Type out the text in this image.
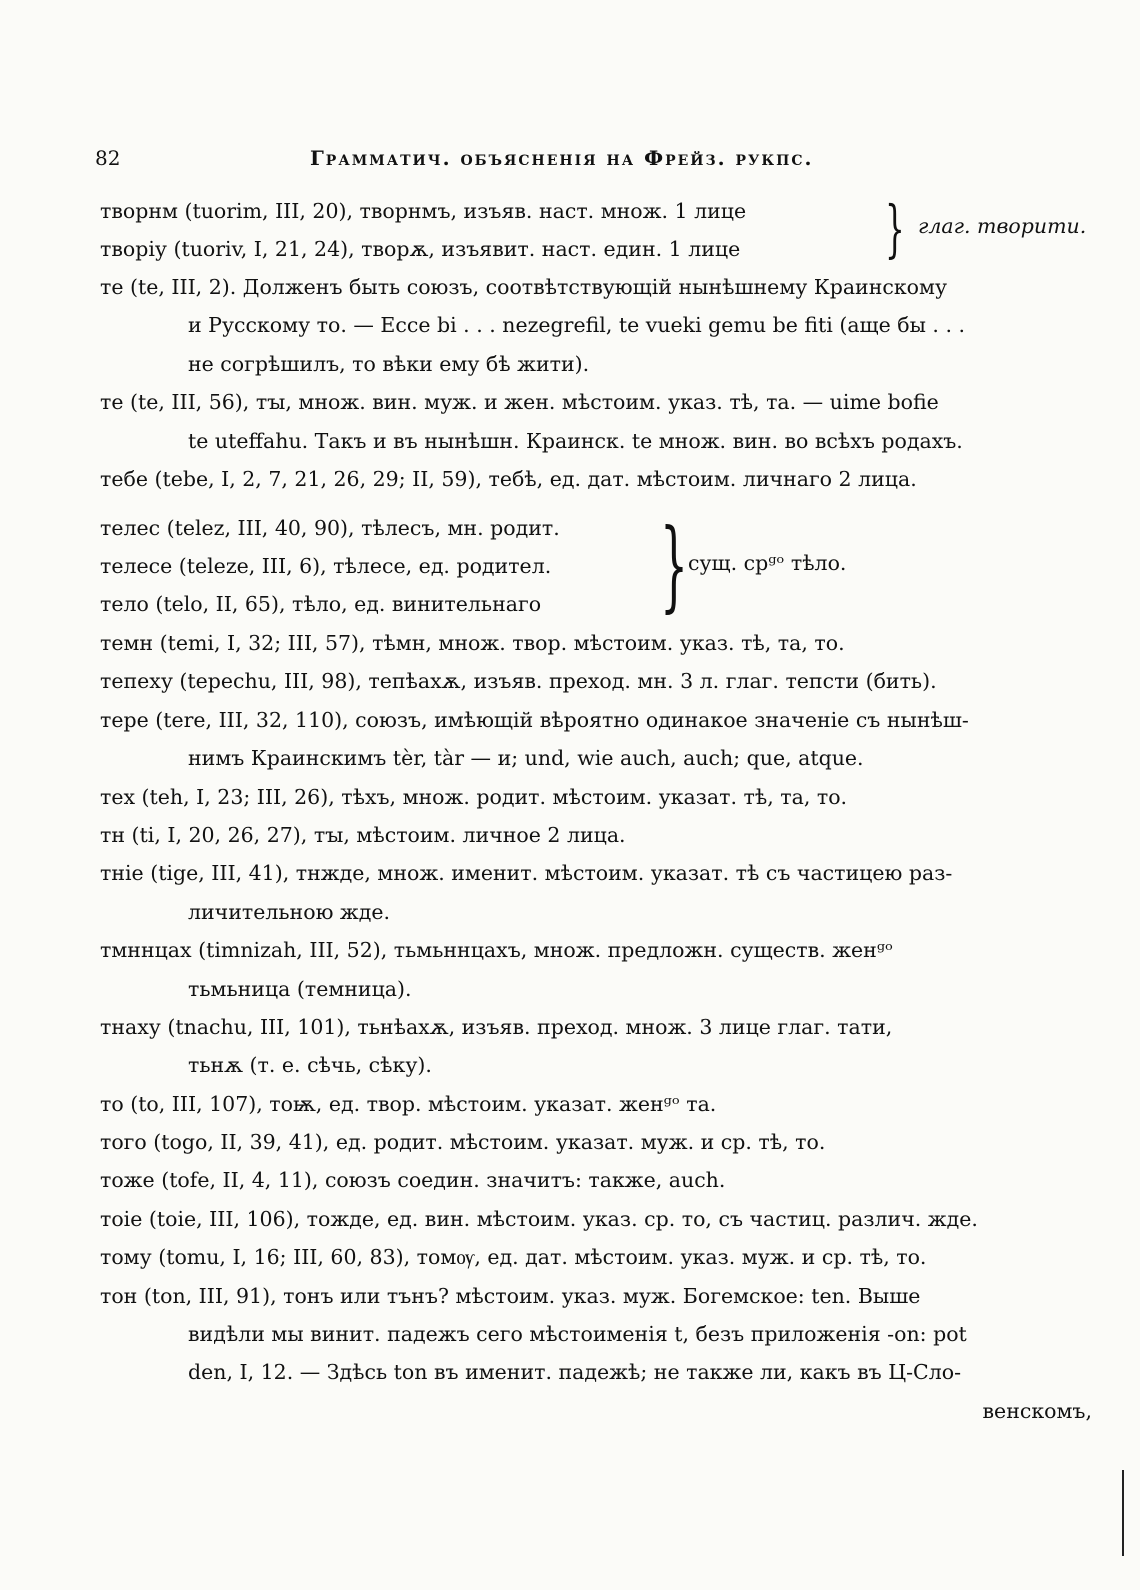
82	Грамматич. объясненія на Фрейз. рукпс.
творнм (tuorim, III, 20), творнмъ, изъяв. наст. множ. 1 лице
творіу (tuoriv, I, 21, 24), творѫ, изъявит. наст. един. 1 лице } глаг. творити.
те (te, III, 2). Долженъ быть союзъ, соотвѣтствующій нынѣшнему Краинскому
и Русскому то. — Ecce bi . . . nezegrefil, te vueki gemu be fiti (аще бы . . .
не согрѣшилъ, то вѣки ему бѣ жити).
те (te, III, 56), тꙑ, множ. вин. муж. и жен. мѣстоим. указ. тѣ, та. — uime bofie
te uteffahu. Такъ и въ нынѣшн. Краинск. te множ. вин. во всѣхъ родахъ.
тебе (tebe, I, 2, 7, 21, 26, 29; II, 59), тебѣ, ед. дат. мѣстоим. личнаго 2 лица.
телес (telez, III, 40, 90), тѣлесъ, мн. родит.
телесе (teleze, III, 6), тѣлесе, ед. родител.
тело (telo, II, 65), тѣло, ед. винительнаго } сущ. срᵍᵒ тѣло.
темн (temi, I, 32; III, 57), тѣмн, множ. твор. мѣстоим. указ. тѣ, та, то.
тепеху (tepechu, III, 98), тепѣахѫ, изъяв. преход. мн. 3 л. глаг. тепсти (бить).
тере (tere, III, 32, 110), союзъ, имѣющій вѣроятно одинакое значеніе съ нынѣш-
нимъ Краинскимъ tèr, tàr — и; und, wie auch, auch; que, atque.
тех (teh, I, 23; III, 26), тѣхъ, множ. родит. мѣстоим. указат. тѣ, та, то.
тн (ti, I, 20, 26, 27), тꙑ, мѣстоим. личное 2 лица.
тніе (tige, III, 41), тнжде, множ. именит. мѣстоим. указат. тѣ съ частицею раз-
личительною жде.
тмннцах (timnizah, III, 52), тьмьннцахъ, множ. предложн. существ. женᵍᵒ
тьмьница (темница).
тнаху (tnachu, III, 101), тьнѣахѫ, изъяв. преход. множ. 3 лице глаг. тати,
тьнѫ (т. е. сѣчь, сѣку).
то (to, III, 107), тоѭ, ед. твор. мѣстоим. указат. женᵍᵒ та.
того (togo, II, 39, 41), ед. родит. мѣстоим. указат. муж. и ср. тѣ, то.
тоже (tofe, II, 4, 11), союзъ соедин. значитъ: также, auch.
тоіе (toie, III, 106), тожде, ед. вин. мѣстоим. указ. ср. то, съ частиц. различ. жде.
тому (tomu, I, 16; III, 60, 83), томѹ, ед. дат. мѣстоим. указ. муж. и ср. тѣ, то.
тон (ton, III, 91), тонъ или тънъ? мѣстоим. указ. муж. Богемское: ten. Выше
видѣли мы винит. падежъ сего мѣстоименія t, безъ приложенія -on: pot
den, I, 12. — Здѣсь ton въ именит. падежѣ; не также ли, какъ въ Ц-Сло-
венскомъ,
